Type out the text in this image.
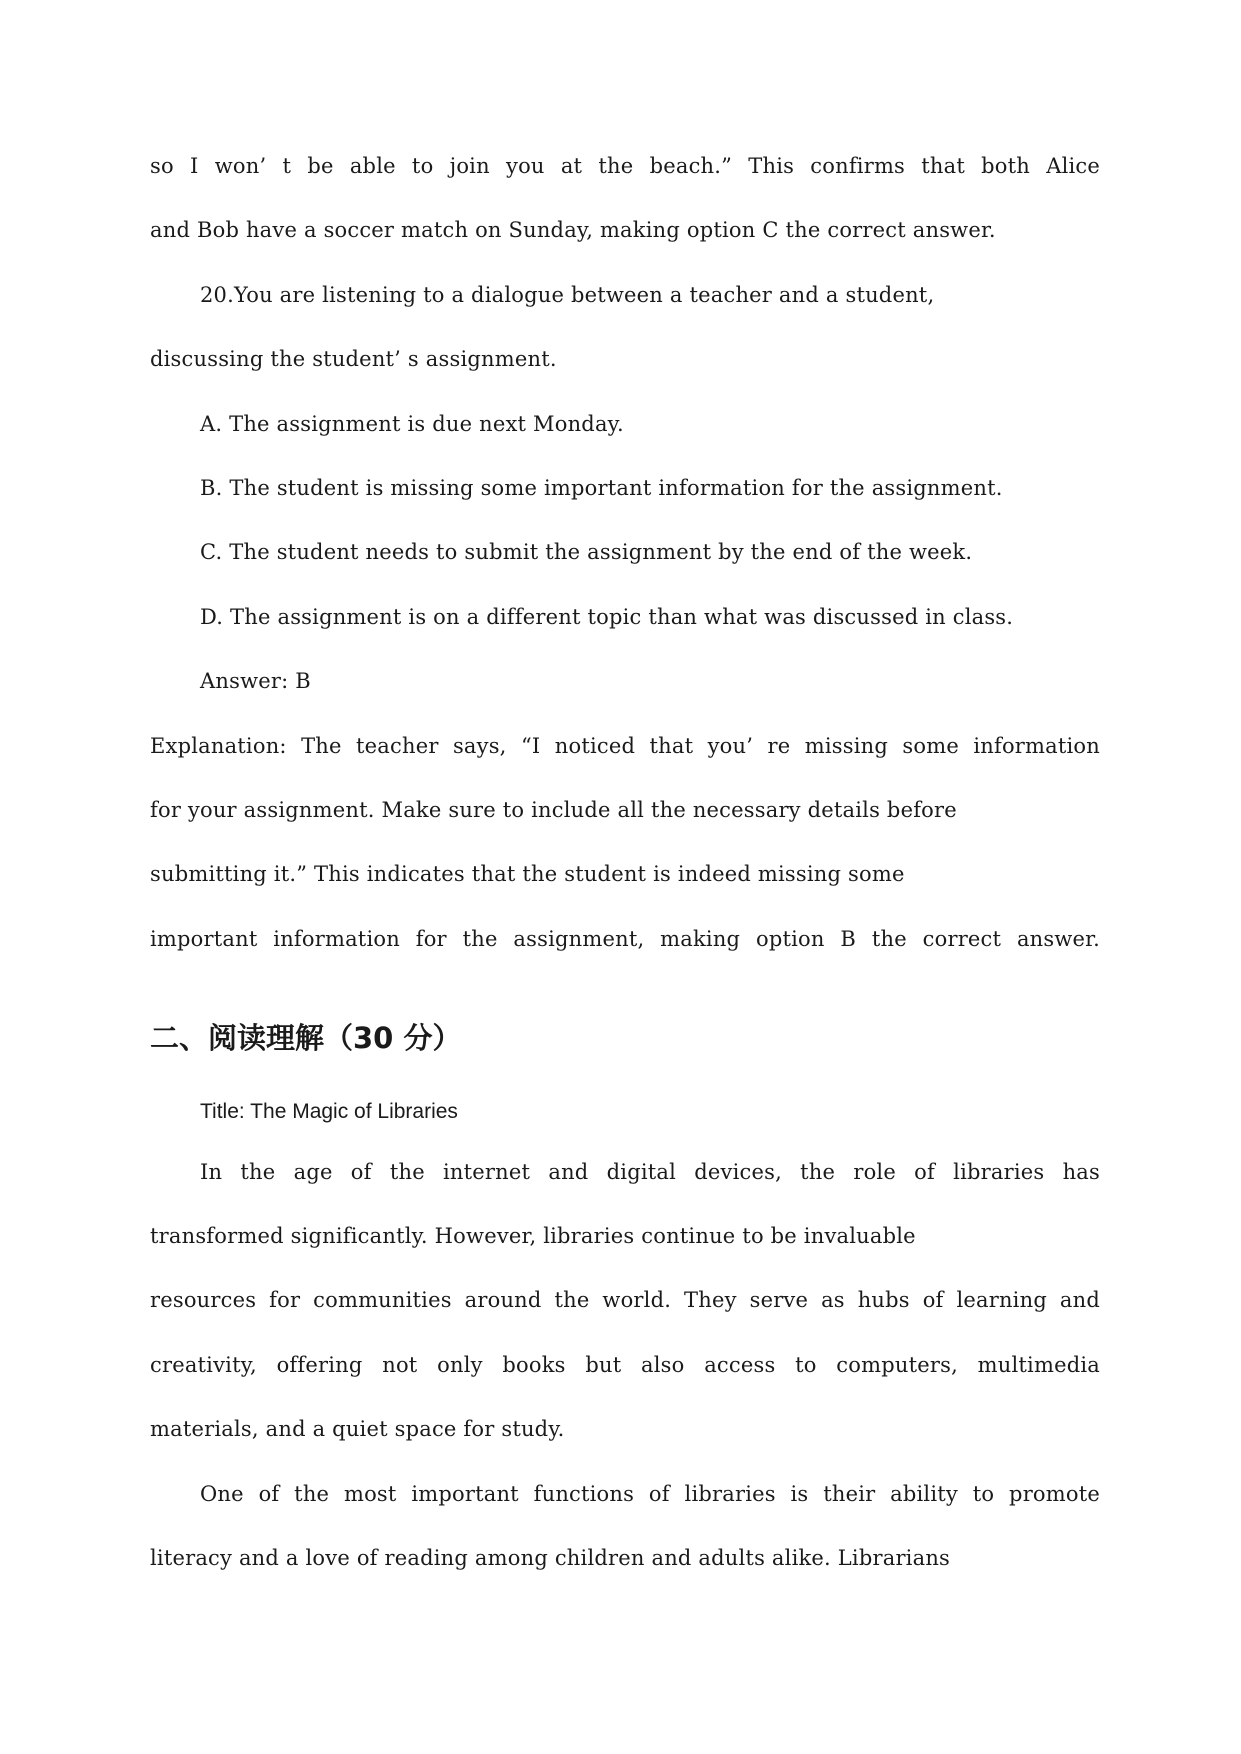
so I won’ t be able to join you at the beach.” This confirms that both Alice
and Bob have a soccer match on Sunday, making option C the correct answer.
20.You are listening to a dialogue between a teacher and a student,
discussing the student’ s assignment.
A. The assignment is due next Monday.
B. The student is missing some important information for the assignment.
C. The student needs to submit the assignment by the end of the week.
D. The assignment is on a different topic than what was discussed in class.
Answer: B
Explanation: The teacher says, “I noticed that you’ re missing some information
for your assignment. Make sure to include all the necessary details before
submitting it.” This indicates that the student is indeed missing some
important information for the assignment, making option B the correct answer.
二、阅读理解（30 分）
Title: The Magic of Libraries
In the age of the internet and digital devices, the role of libraries has
transformed significantly. However, libraries continue to be invaluable
resources for communities around the world. They serve as hubs of learning and
creativity, offering not only books but also access to computers, multimedia
materials, and a quiet space for study.
One of the most important functions of libraries is their ability to promote
literacy and a love of reading among children and adults alike. Librarians
